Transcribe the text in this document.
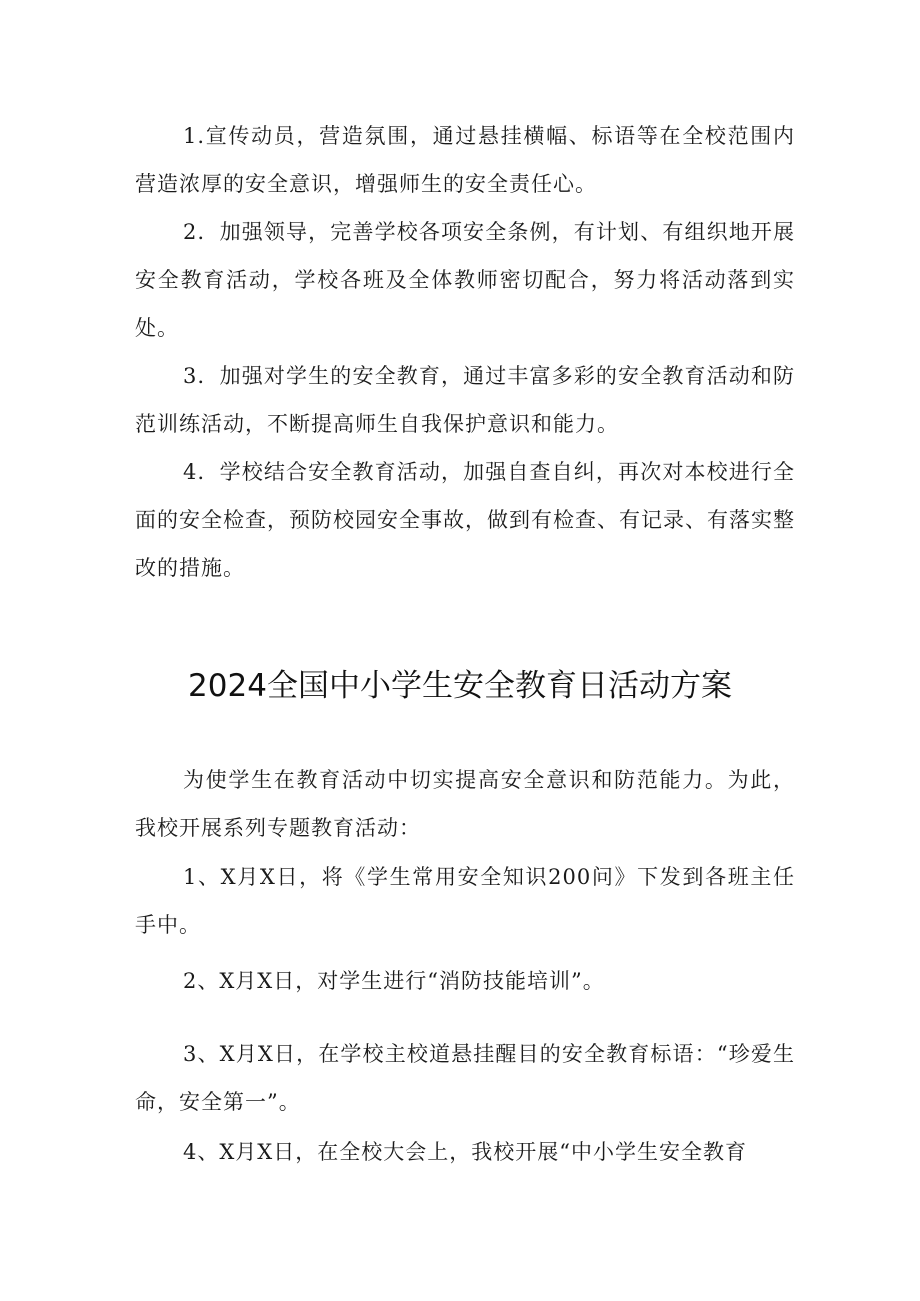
1.宣传动员，营造氛围，通过悬挂横幅、标语等在全校范围内营造浓厚的安全意识，增强师生的安全责任心。

2．加强领导，完善学校各项安全条例，有计划、有组织地开展安全教育活动，学校各班及全体教师密切配合，努力将活动落到实处。

3．加强对学生的安全教育，通过丰富多彩的安全教育活动和防范训练活动，不断提高师生自我保护意识和能力。

4．学校结合安全教育活动，加强自查自纠，再次对本校进行全面的安全检查，预防校园安全事故，做到有检查、有记录、有落实整改的措施。

2024全国中小学生安全教育日活动方案

为使学生在教育活动中切实提高安全意识和防范能力。为此，我校开展系列专题教育活动：

1、X月X日，将《学生常用安全知识200问》下发到各班主任手中。

2、X月X日，对学生进行“消防技能培训”。

3、X月X日，在学校主校道悬挂醒目的安全教育标语：“珍爱生命，安全第一”。

4、X月X日，在全校大会上，我校开展“中小学生安全教育
